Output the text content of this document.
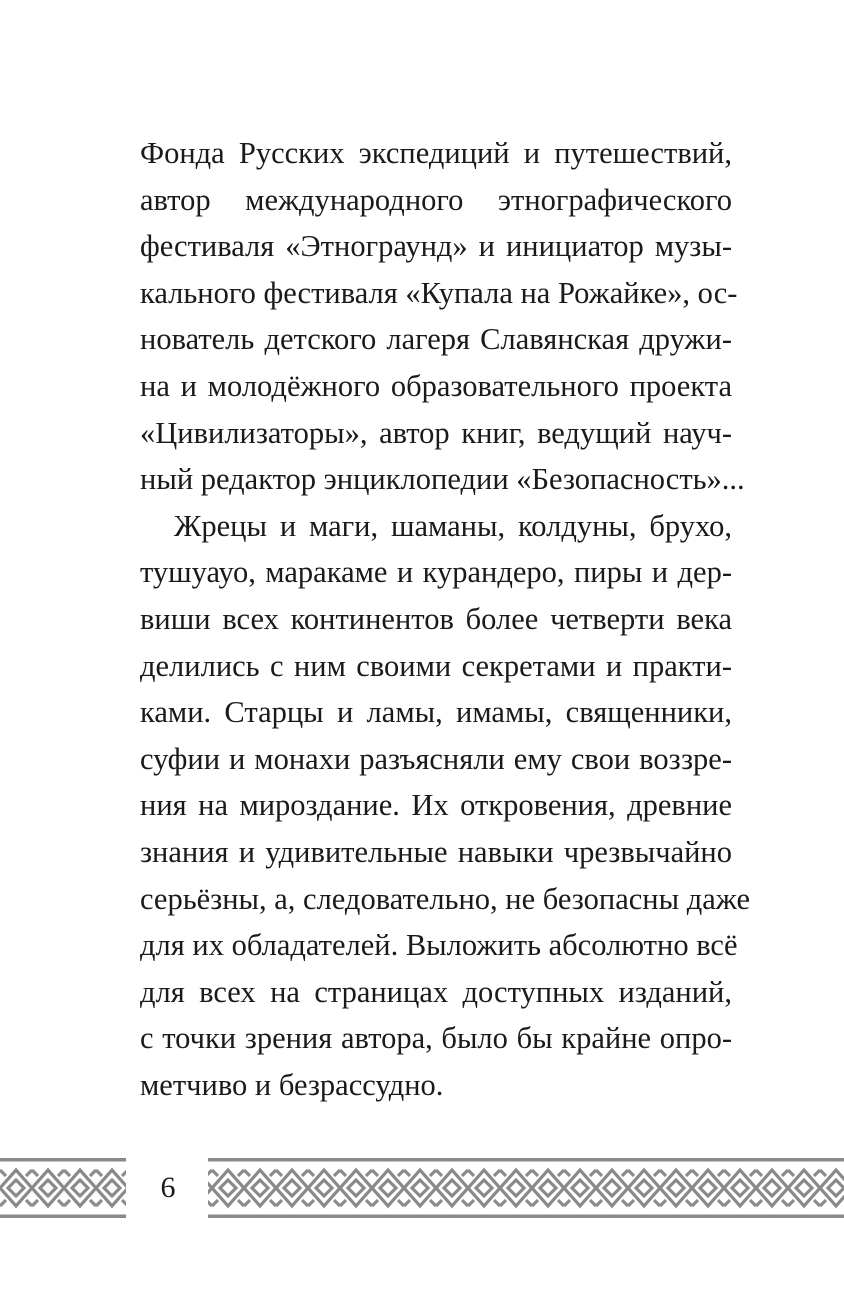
Фонда Русских экспедиций и путешествий,
автор международного этнографического
фестиваля «Этнограунд» и инициатор музы-
кального фестиваля «Купала на Рожайке», ос-
нователь детского лагеря Славянская дружи-
на и молодёжного образовательного проекта
«Цивилизаторы», автор книг, ведущий науч-
ный редактор энциклопедии «Безопасность»...
Жрецы и маги, шаманы, колдуны, брухо,
тушуауо, маракаме и курандеро, пиры и дер-
виши всех континентов более четверти века
делились с ним своими секретами и практи-
ками. Старцы и ламы, имамы, священники,
суфии и монахи разъясняли ему свои воззре-
ния на мироздание. Их откровения, древние
знания и удивительные навыки чрезвычайно
серьёзны, а, следовательно, не безопасны даже
для их обладателей. Выложить абсолютно всё
для всех на страницах доступных изданий,
с точки зрения автора, было бы крайне опро-
метчиво и безрассудно.
6
